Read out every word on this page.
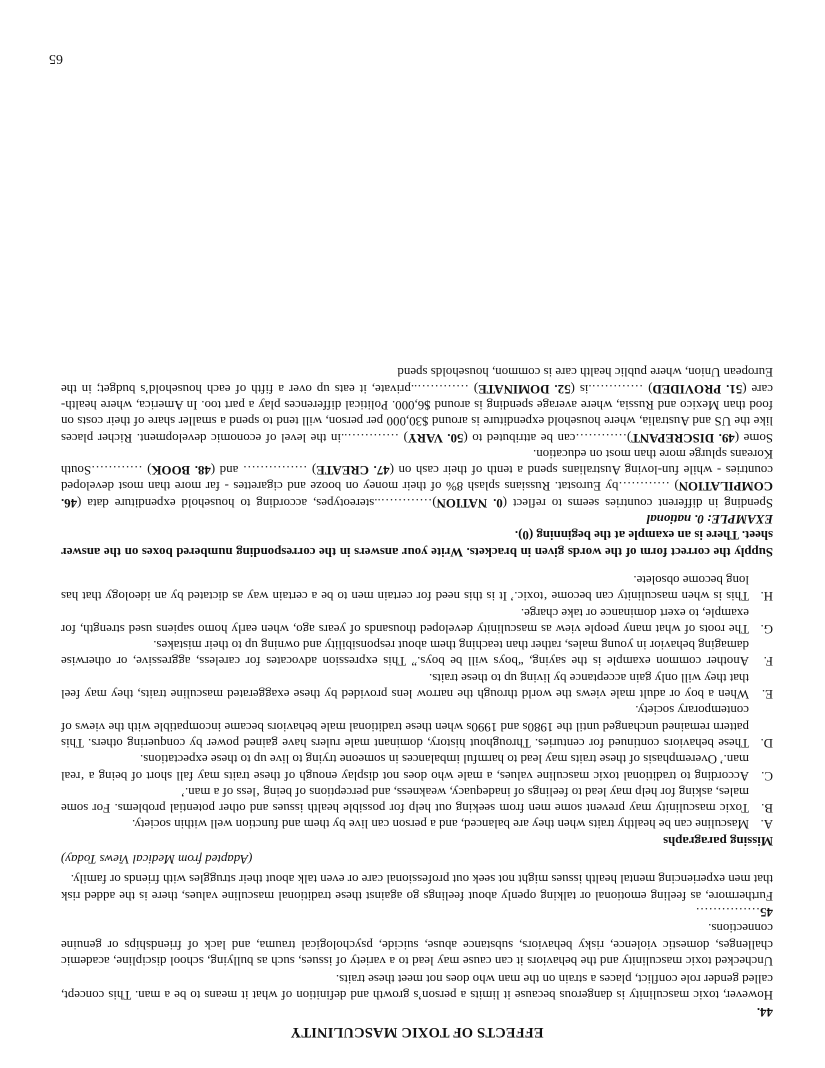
EFFECTS OF TOXIC MASCULINITY
44.

However, toxic masculinity is dangerous because it limits a person’s growth and definition of what it means to be a man. This concept, called gender role conflict, places a strain on the man who does not meet these traits.

Unchecked toxic masculinity and the behaviors it can cause may lead to a variety of issues, such as bullying, school discipline, academic challenges, domestic violence, risky behaviors, substance abuse, suicide, psychological trauma, and lack of friendships or genuine connections.

45……………

Furthermore, as feeling emotional or talking openly about feelings go against these traditional masculine values, there is the added risk that men experiencing mental health issues might not seek out professional care or even talk about their struggles with friends or family.

(Adapted from Medical Views Today)
Missing paragraphs
A.
Masculine can be healthy traits when they are balanced, and a person can live by them and function well within society.
B.
Toxic masculinity may prevent some men from seeking out help for possible health issues and other potential problems. For some males, asking for help may lead to feelings of inadequacy, weakness, and perceptions of being ‘less of a man.’
C.
According to traditional toxic masculine values, a male who does not display enough of these traits may fall short of being a ‘real man.’ Overemphasis of these traits may lead to harmful imbalances in someone trying to live up to these expectations.
D.
These behaviors continued for centuries. Throughout history, dominant male rulers have gained power by conquering others. This pattern remained unchanged until the 1980s and 1990s when these traditional male behaviors became incompatible with the views of contemporary society.
E.
When a boy or adult male views the world through the narrow lens provided by these exaggerated masculine traits, they may feel that they will only gain acceptance by living up to these traits.
F.
Another common example is the saying, “boys will be boys.” This expression advocates for careless, aggressive, or otherwise damaging behavior in young males, rather than teaching them about responsibility and owning up to their mistakes.
G.
The roots of what many people view as masculinity developed thousands of years ago, when early homo sapiens used strength, for example, to exert dominance or take charge.
H.
This is when masculinity can become ‘toxic.’ It is this need for certain men to be a certain way as dictated by an ideology that has long become obsolete.
Supply the correct form of the words given in brackets. Write your answers in the corresponding numbered boxes on the answer sheet. There is an example at the beginning (0).
EXAMPLE: 0. national

Spending in different countries seems to reflect (0. NATION)…………..stereotypes, according to household expenditure data (46. COMPILATION) …………by Eurostat. Russians splash 8% of their money on booze and cigarettes - far more than most developed countries - while fun-loving Australians spend a tenth of their cash on (47. CREATE) …………… and (48. BOOK) …………South Koreans splurge more than most on education.

Some (49. DISCREPANT)…………can be attributed to (50. VARY) …………..in the level of economic development. Richer places like the US and Australia, where household expenditure is around $30,000 per person, will tend to spend a smaller share of their costs on food than Mexico and Russia, where average spending is around $6,000. Political differences play a part too. In America, where health-care (51. PROVIDED) ………….is (52. DOMINATE) …………..private, it eats up over a fifth of each household’s budget; in the European Union, where public health care is common, households spend

65
